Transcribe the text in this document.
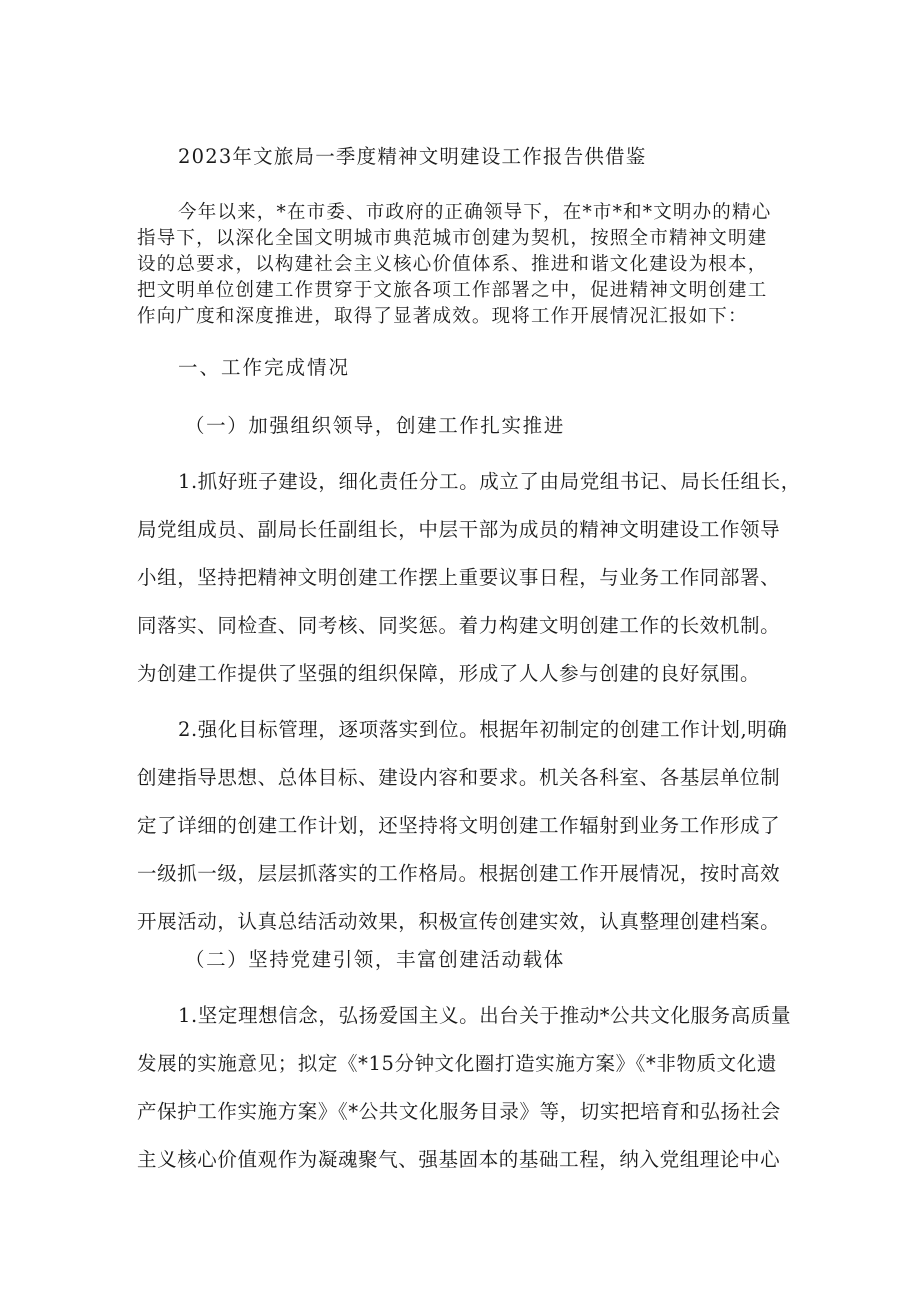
2023年文旅局一季度精神文明建设工作报告供借鉴

今年以来，*在市委、市政府的正确领导下，在*市*和*文明办的精心

指导下，以深化全国文明城市典范城市创建为契机，按照全市精神文明建

设的总要求，以构建社会主义核心价值体系、推进和谐文化建设为根本，

把文明单位创建工作贯穿于文旅各项工作部署之中，促进精神文明创建工

作向广度和深度推进，取得了显著成效。现将工作开展情况汇报如下：

一、工作完成情况

（一）加强组织领导，创建工作扎实推进

1.抓好班子建设，细化责任分工。成立了由局党组书记、局长任组长，

局党组成员、副局长任副组长，中层干部为成员的精神文明建设工作领导

小组，坚持把精神文明创建工作摆上重要议事日程，与业务工作同部署、

同落实、同检查、同考核、同奖惩。着力构建文明创建工作的长效机制。

为创建工作提供了坚强的组织保障，形成了人人参与创建的良好氛围。

2.强化目标管理，逐项落实到位。根据年初制定的创建工作计划,明确

创建指导思想、总体目标、建设内容和要求。机关各科室、各基层单位制

定了详细的创建工作计划，还坚持将文明创建工作辐射到业务工作形成了

一级抓一级，层层抓落实的工作格局。根据创建工作开展情况，按时高效

开展活动，认真总结活动效果，积极宣传创建实效，认真整理创建档案。

（二）坚持党建引领，丰富创建活动载体

1.坚定理想信念，弘扬爱国主义。出台关于推动*公共文化服务高质量

发展的实施意见；拟定《*15分钟文化圈打造实施方案》《*非物质文化遗

产保护工作实施方案》《*公共文化服务目录》等，切实把培育和弘扬社会

主义核心价值观作为凝魂聚气、强基固本的基础工程，纳入党组理论中心
